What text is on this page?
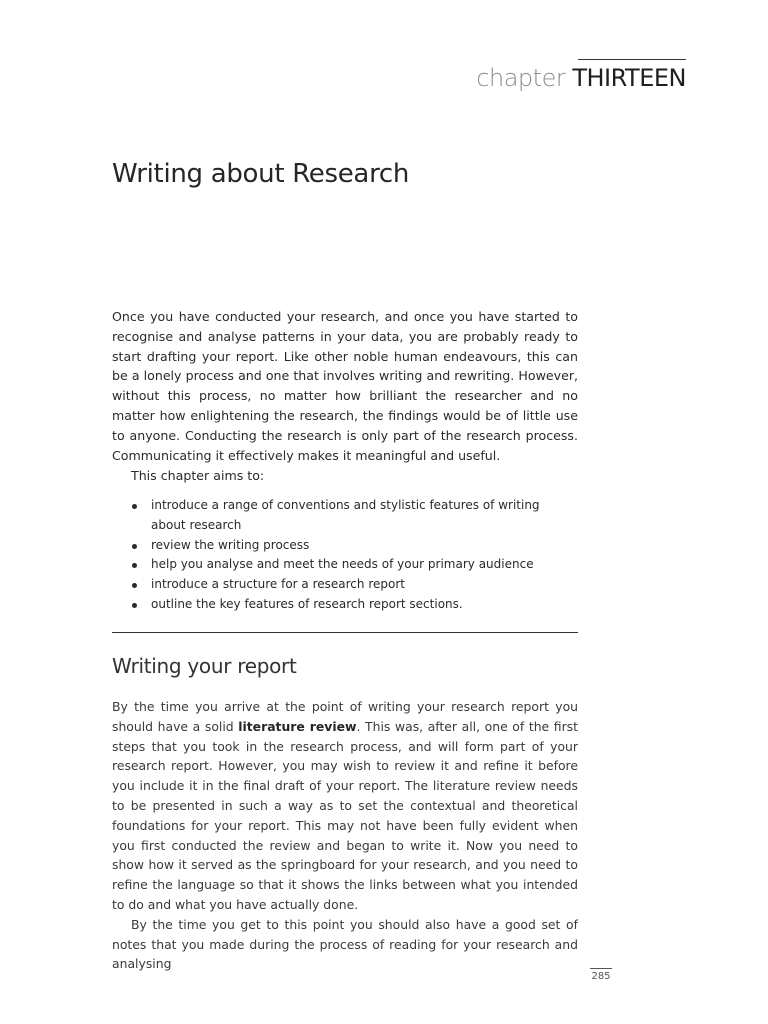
chapter THIRTEEN
Writing about Research

Once you have conducted your research, and once you have started to recognise and analyse patterns in your data, you are probably ready to start drafting your report. Like other noble human endeavours, this can be a lonely process and one that involves writing and rewriting. However, without this process, no matter how brilliant the researcher and no matter how enlightening the research, the findings would be of little use to anyone. Conducting the research is only part of the research process. Communicating it effectively makes it meaningful and useful.

This chapter aims to:

introduce a range of conventions and stylistic features of writing about research
review the writing process
help you analyse and meet the needs of your primary audience
introduce a structure for a research report
outline the key features of research report sections.
Writing your report

By the time you arrive at the point of writing your research report you should have a solid literature review. This was, after all, one of the first steps that you took in the research process, and will form part of your research report. However, you may wish to review it and refine it before you include it in the final draft of your report. The literature review needs to be presented in such a way as to set the contextual and theoretical foundations for your report. This may not have been fully evident when you first conducted the review and began to write it. Now you need to show how it served as the springboard for your research, and you need to refine the language so that it shows the links between what you intended to do and what you have actually done.

By the time you get to this point you should also have a good set of notes that you made during the process of reading for your research and analysing

285
